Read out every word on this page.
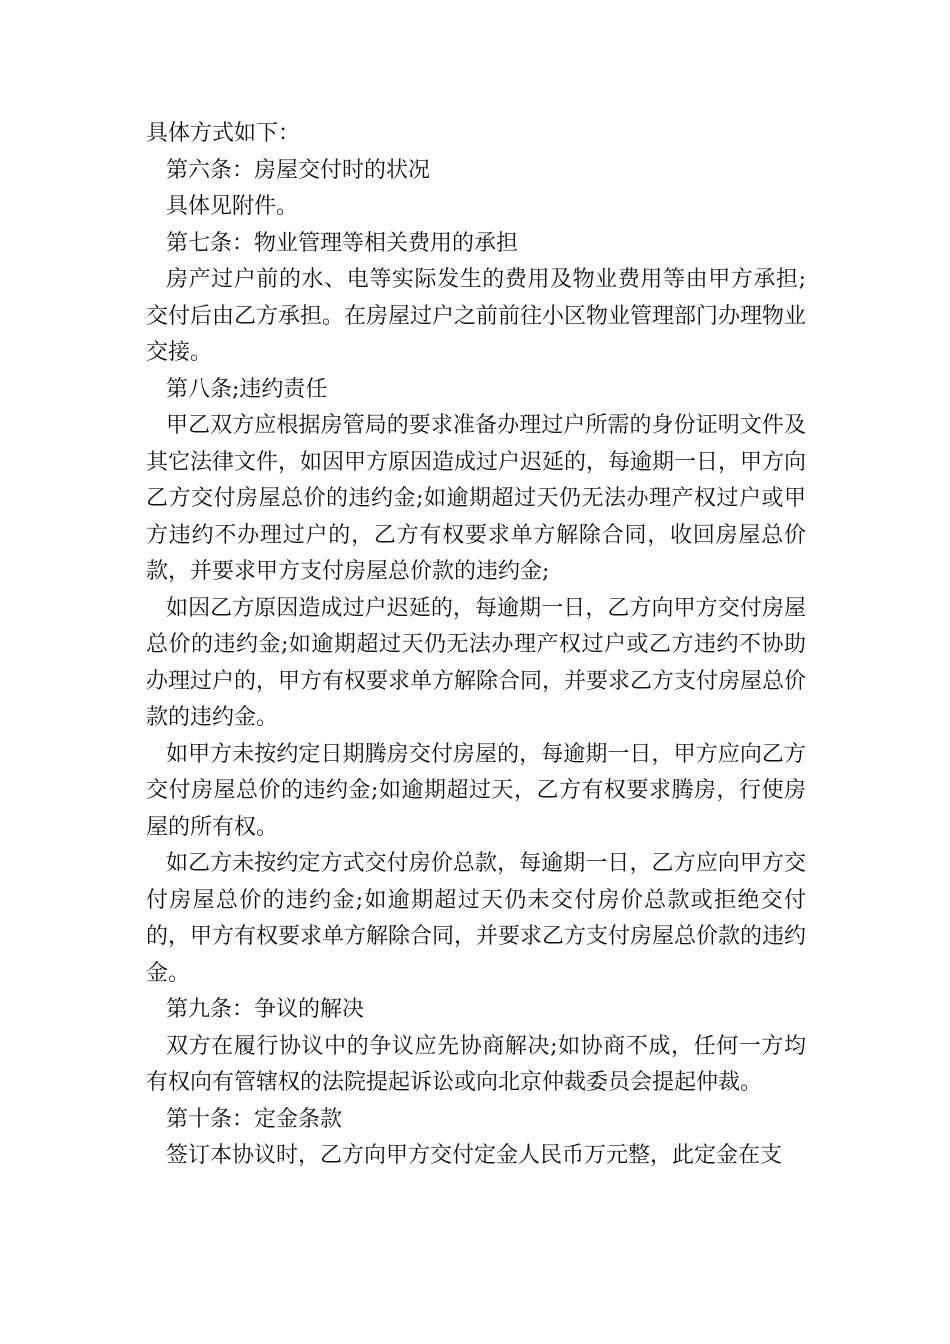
具体方式如下：

第六条：房屋交付时的状况

具体见附件。

第七条：物业管理等相关费用的承担

房产过户前的水、电等实际发生的费用及物业费用等由甲方承担;交付后由乙方承担。在房屋过户之前前往小区物业管理部门办理物业交接。

第八条;违约责任

甲乙双方应根据房管局的要求准备办理过户所需的身份证明文件及其它法律文件，如因甲方原因造成过户迟延的，每逾期一日，甲方向乙方交付房屋总价的违约金;如逾期超过天仍无法办理产权过户或甲方违约不办理过户的，乙方有权要求单方解除合同，收回房屋总价款，并要求甲方支付房屋总价款的违约金;

如因乙方原因造成过户迟延的，每逾期一日，乙方向甲方交付房屋总价的违约金;如逾期超过天仍无法办理产权过户或乙方违约不协助办理过户的，甲方有权要求单方解除合同，并要求乙方支付房屋总价款的违约金。

如甲方未按约定日期腾房交付房屋的，每逾期一日，甲方应向乙方交付房屋总价的违约金;如逾期超过天，乙方有权要求腾房，行使房屋的所有权。

如乙方未按约定方式交付房价总款，每逾期一日，乙方应向甲方交付房屋总价的违约金;如逾期超过天仍未交付房价总款或拒绝交付的，甲方有权要求单方解除合同，并要求乙方支付房屋总价款的违约金。

第九条：争议的解决

双方在履行协议中的争议应先协商解决;如协商不成，任何一方均有权向有管辖权的法院提起诉讼或向北京仲裁委员会提起仲裁。

第十条：定金条款

签订本协议时，乙方向甲方交付定金人民币万元整，此定金在支
